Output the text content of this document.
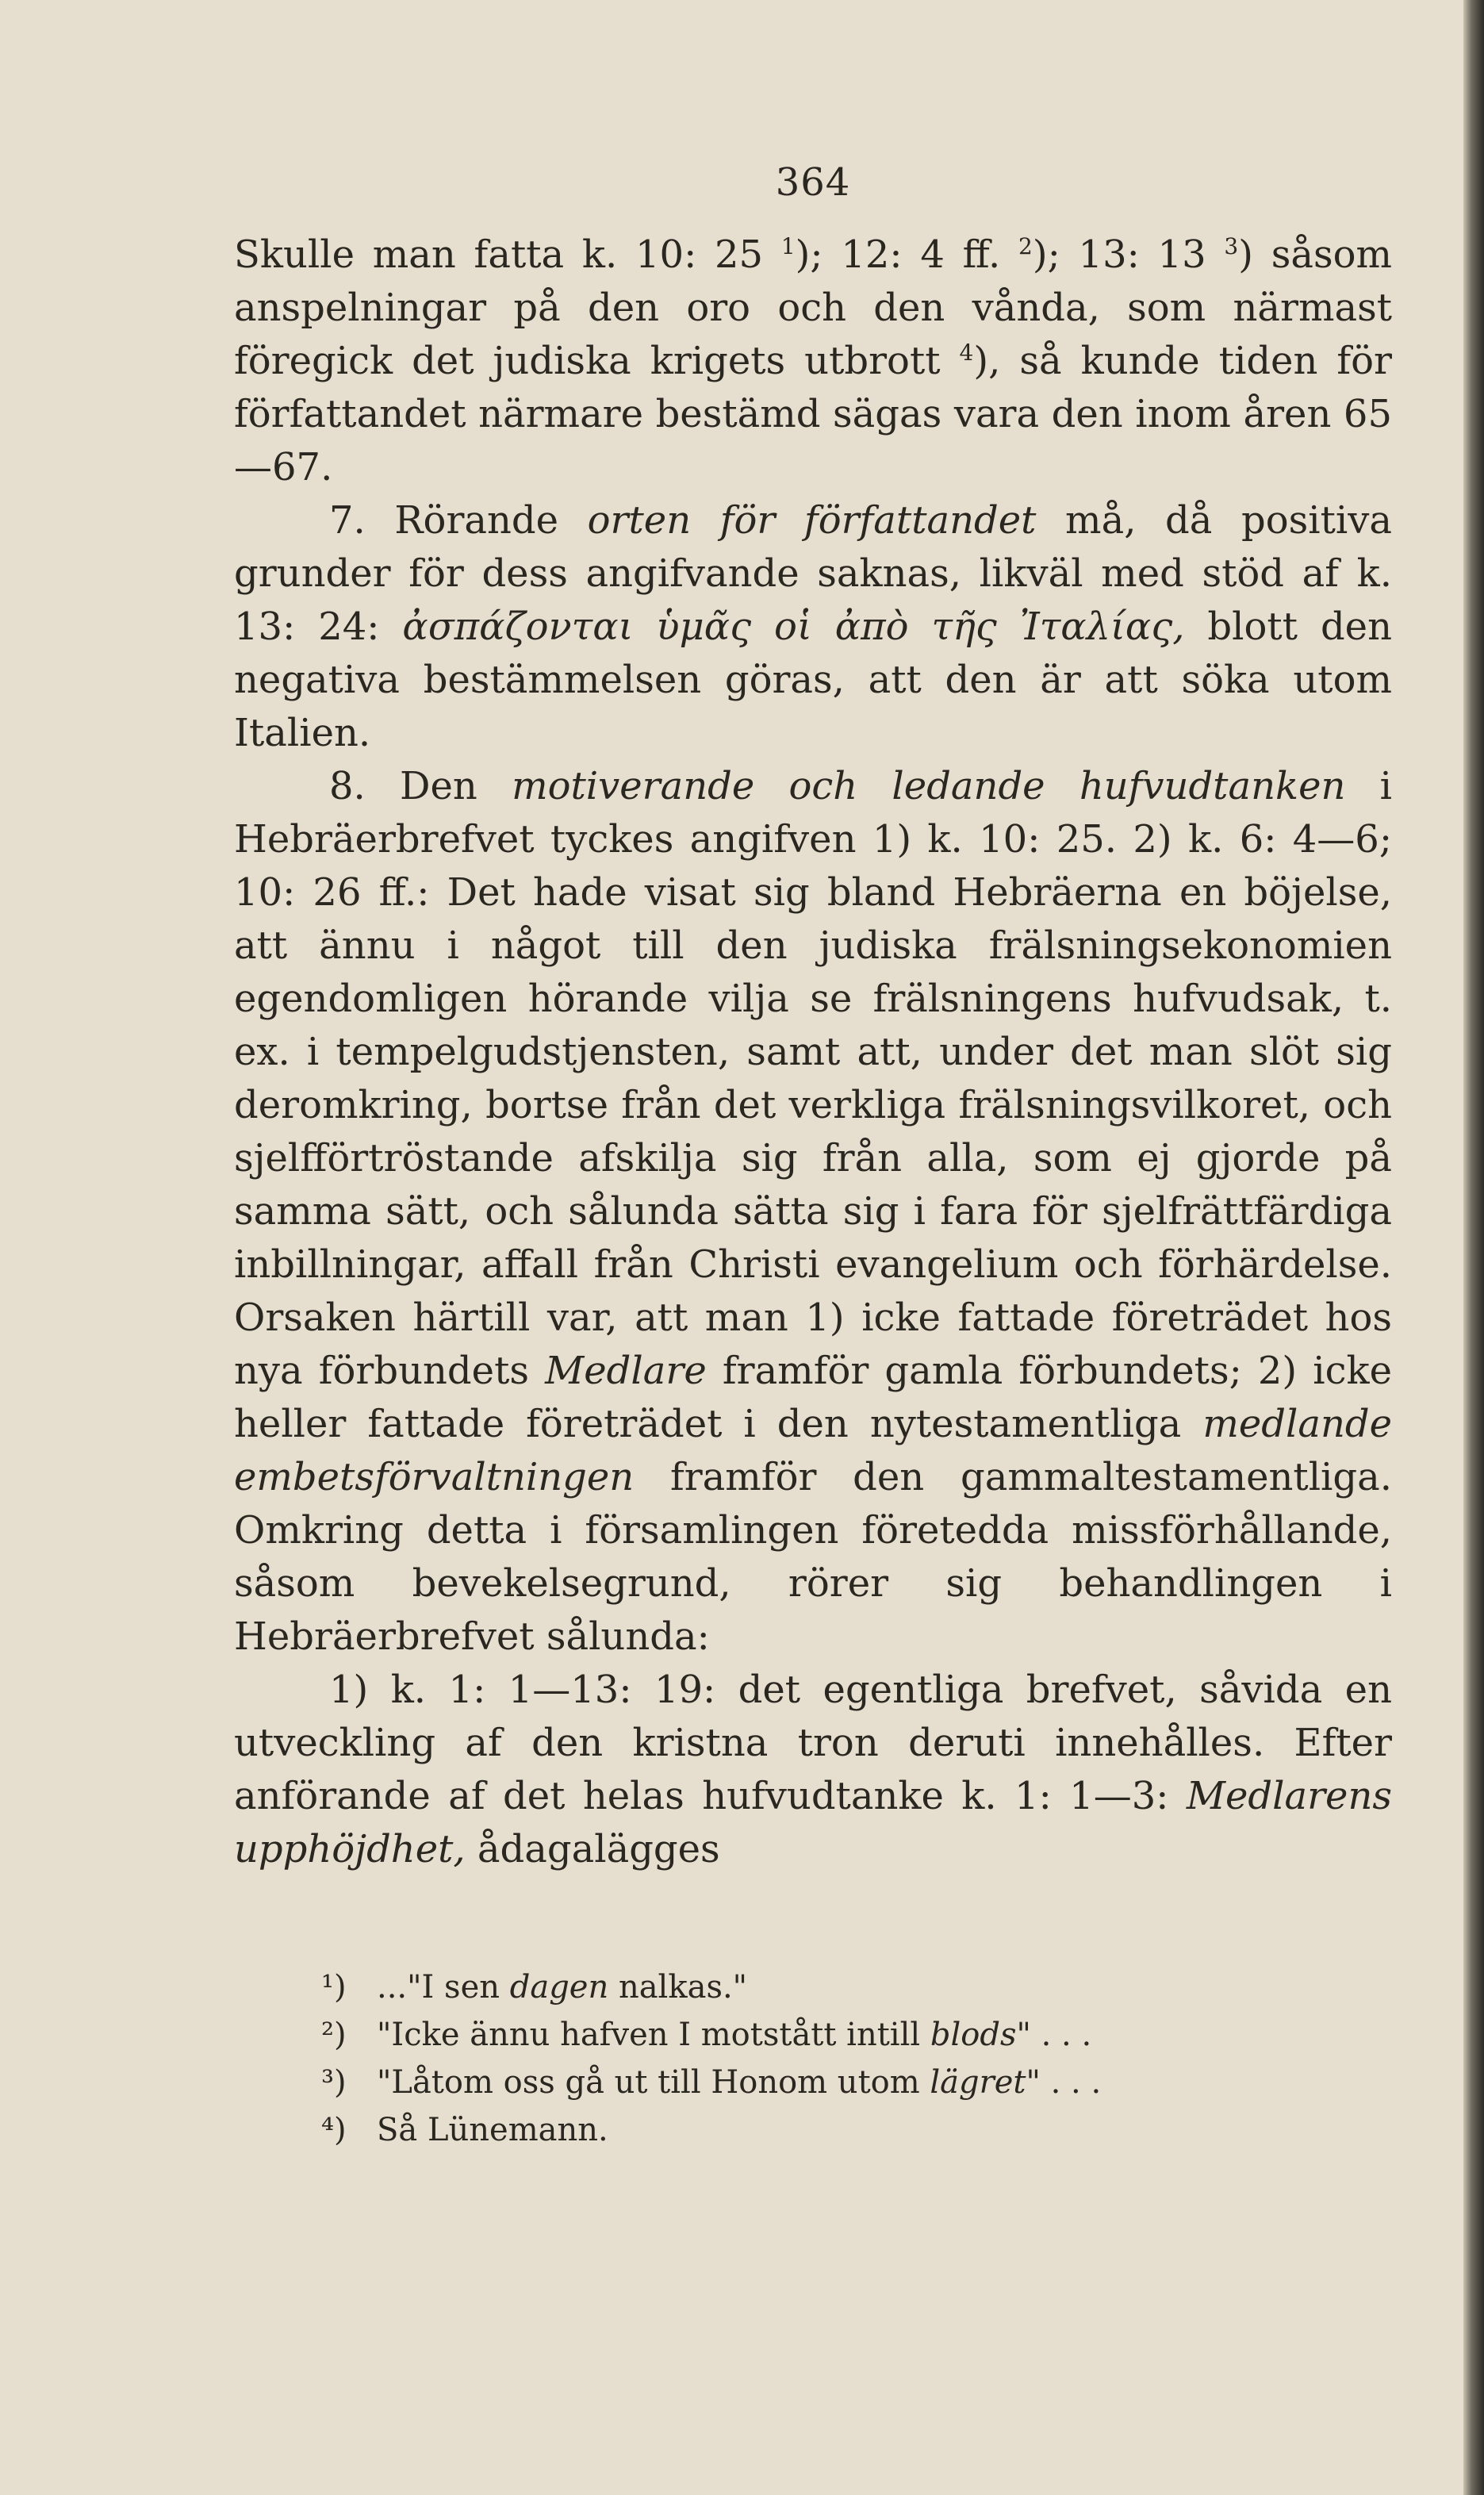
364

Skulle man fatta k. 10: 25 $^1$); 12: 4 ff. $^2$); 13: 13 $^3$) såsom anspelningar på den oro och den vånda, som närmast föregick det judiska krigets utbrott $^4$), så kunde tiden för författandet närmare bestämd sägas vara den inom åren 65—67.

7. Rörande orten för författandet må, då positiva grunder för dess angifvande saknas, likväl med stöd af k. 13: 24: ἀσπάζονται ὑμᾶς οἱ ἀπὸ τῆς Ἰταλίας, blott den negativa bestämmelsen göras, att den är att söka utom Italien.

8. Den motiverande och ledande hufvudtanken i Hebräerbrefvet tyckes angifven 1) k. 10: 25. 2) k. 6: 4—6; 10: 26 ff.: Det hade visat sig bland Hebräerna en böjelse, att ännu i något till den judiska frälsningsekonomien egendomligen hörande vilja se frälsningens hufvudsak, t. ex. i tempelgudstjensten, samt att, under det man slöt sig deromkring, bortse från det verkliga frälsningsvilkoret, och sjelfförtröstande afskilja sig från alla, som ej gjorde på samma sätt, och sålunda sätta sig i fara för sjelfrättfärdiga inbillningar, affall från Christi evangelium och förhärdelse. Orsaken härtill var, att man 1) icke fattade företrädet hos nya förbundets Medlare framför gamla förbundets; 2) icke heller fattade företrädet i den nytestamentliga medlande embetsförvaltningen framför den gammaltestamentliga. Omkring detta i församlingen företedda missförhållande, såsom bevekelsegrund, rörer sig behandlingen i Hebräerbrefvet sålunda:

1) k. 1: 1—13: 19: det egentliga brefvet, såvida en utveckling af den kristna tron deruti innehålles. Efter anförande af det helas hufvudtanke k. 1: 1—3: Medlarens upphöjdhet, ådagalägges

¹) ..."I sen dagen nalkas."
²) "Icke ännu hafven I motstått intill blods" . . .
³) "Låtom oss gå ut till Honom utom lägret" . . .
⁴) Så Lünemann.
